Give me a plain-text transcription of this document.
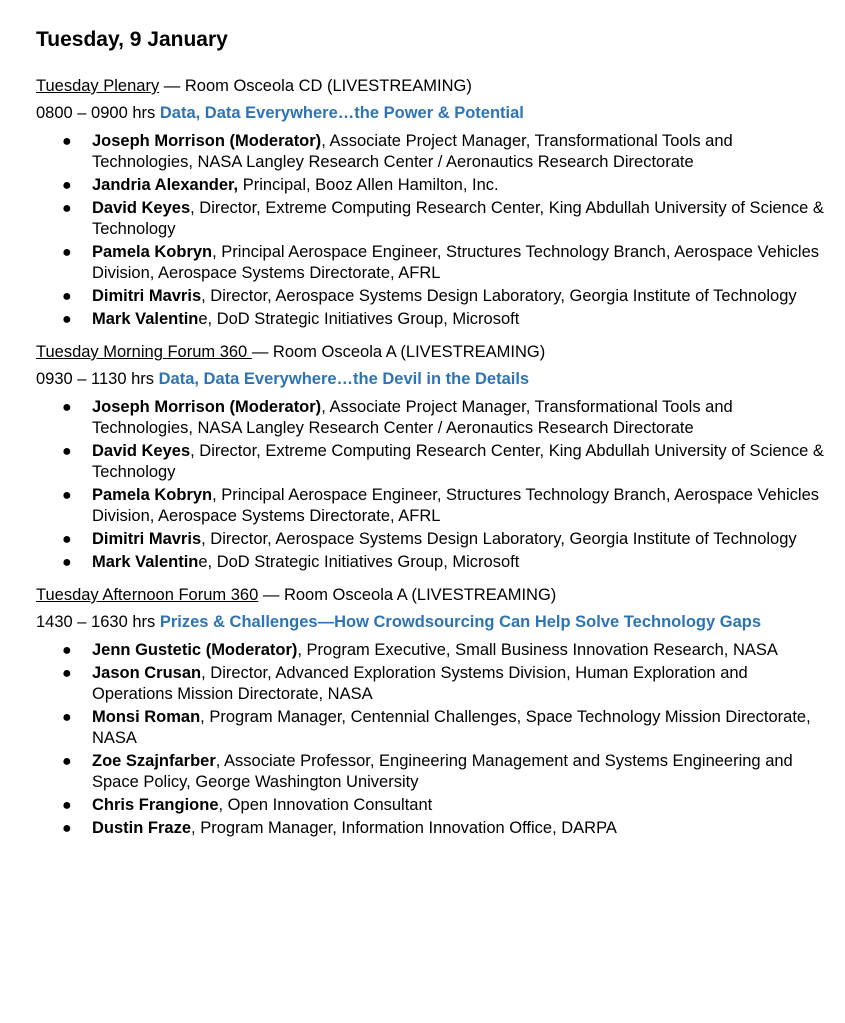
Tuesday, 9 January

Tuesday Plenary — Room Osceola CD (LIVESTREAMING)

0800 – 0900 hrs Data, Data Everywhere…the Power & Potential

● Joseph Morrison (Moderator), Associate Project Manager, Transformational Tools and Technologies, NASA Langley Research Center / Aeronautics Research Directorate
● Jandria Alexander, Principal, Booz Allen Hamilton, Inc.
● David Keyes, Director, Extreme Computing Research Center, King Abdullah University of Science & Technology
● Pamela Kobryn, Principal Aerospace Engineer, Structures Technology Branch, Aerospace Vehicles Division, Aerospace Systems Directorate, AFRL
● Dimitri Mavris, Director, Aerospace Systems Design Laboratory, Georgia Institute of Technology
● Mark Valentine, DoD Strategic Initiatives Group, Microsoft

Tuesday Morning Forum 360 — Room Osceola A (LIVESTREAMING)

0930 – 1130 hrs Data, Data Everywhere…the Devil in the Details

● Joseph Morrison (Moderator), Associate Project Manager, Transformational Tools and Technologies, NASA Langley Research Center / Aeronautics Research Directorate
● David Keyes, Director, Extreme Computing Research Center, King Abdullah University of Science & Technology
● Pamela Kobryn, Principal Aerospace Engineer, Structures Technology Branch, Aerospace Vehicles Division, Aerospace Systems Directorate, AFRL
● Dimitri Mavris, Director, Aerospace Systems Design Laboratory, Georgia Institute of Technology
● Mark Valentine, DoD Strategic Initiatives Group, Microsoft

Tuesday Afternoon Forum 360 — Room Osceola A (LIVESTREAMING)

1430 – 1630 hrs Prizes & Challenges—How Crowdsourcing Can Help Solve Technology Gaps

● Jenn Gustetic (Moderator), Program Executive, Small Business Innovation Research, NASA
● Jason Crusan, Director, Advanced Exploration Systems Division, Human Exploration and Operations Mission Directorate, NASA
● Monsi Roman, Program Manager, Centennial Challenges, Space Technology Mission Directorate, NASA
● Zoe Szajnfarber, Associate Professor, Engineering Management and Systems Engineering and Space Policy, George Washington University
● Chris Frangione, Open Innovation Consultant
● Dustin Fraze, Program Manager, Information Innovation Office, DARPA
